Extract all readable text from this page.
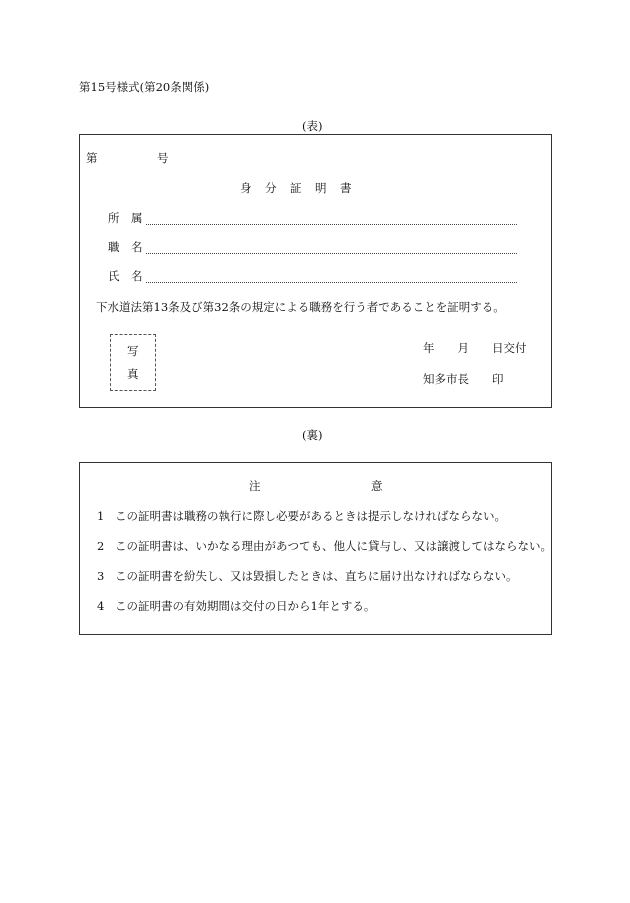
第15号様式(第20条関係)
(表)
第	号
身　分　証　明　書
所　属
職　名
氏　名
下水道法第13条及び第32条の規定による職務を行う者であることを証明する。
写
真
年　　月　　日交付
知多市長　　印
(裏)
注	意
1 この証明書は職務の執行に際し必要があるときは提示しなければならない。
2 この証明書は、いかなる理由があつても、他人に貸与し、又は譲渡してはならない。
3 この証明書を紛失し、又は毀損したときは、直ちに届け出なければならない。
4 この証明書の有効期間は交付の日から1年とする。
